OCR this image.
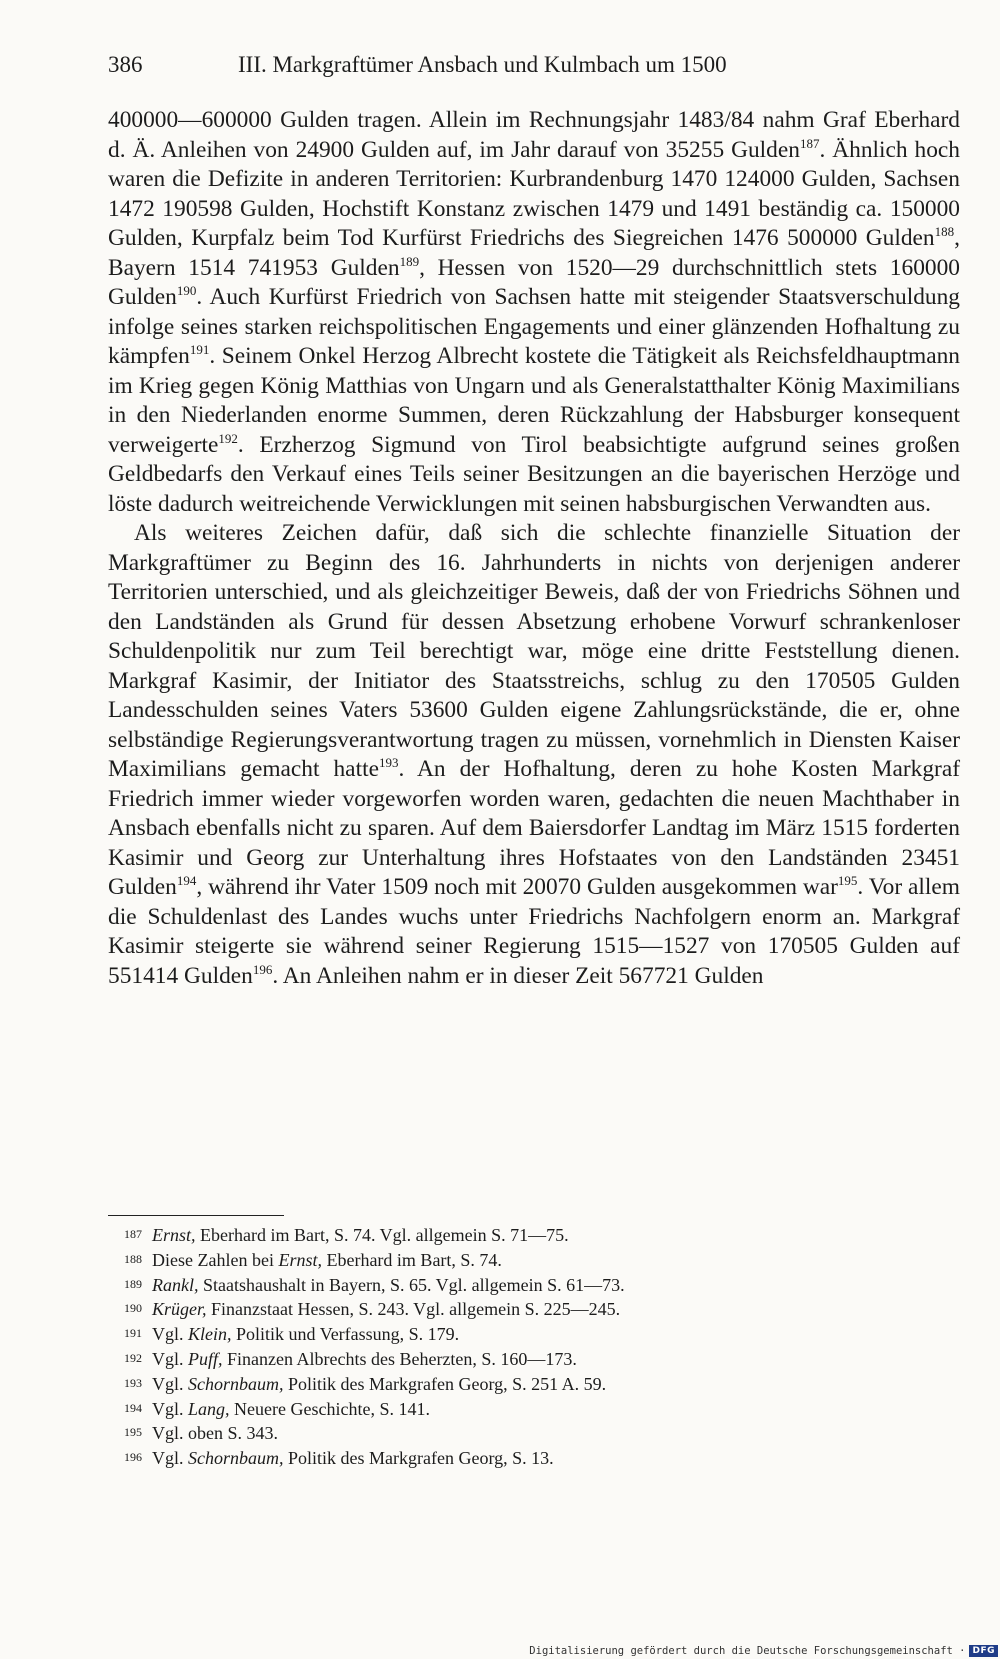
386	III. Markgraftümer Ansbach und Kulmbach um 1500

400000—600000 Gulden tragen. Allein im Rechnungsjahr 1483/84 nahm Graf Eberhard d. Ä. Anleihen von 24900 Gulden auf, im Jahr darauf von 35255 Gulden$^{187}$. Ähnlich hoch waren die Defizite in anderen Territorien: Kurbrandenburg 1470 124000 Gulden, Sachsen 1472 190598 Gulden, Hochstift Konstanz zwischen 1479 und 1491 beständig ca. 150000 Gulden, Kurpfalz beim Tod Kurfürst Friedrichs des Siegreichen 1476 500000 Gulden$^{188}$, Bayern 1514 741953 Gulden$^{189}$, Hessen von 1520—29 durchschnittlich stets 160000 Gulden$^{190}$. Auch Kurfürst Friedrich von Sachsen hatte mit steigender Staatsverschuldung infolge seines starken reichspolitischen Engagements und einer glänzenden Hofhaltung zu kämpfen$^{191}$. Seinem Onkel Herzog Albrecht kostete die Tätigkeit als Reichsfeldhauptmann im Krieg gegen König Matthias von Ungarn und als Generalstatthalter König Maximilians in den Niederlanden enorme Summen, deren Rückzahlung der Habsburger konsequent verweigerte$^{192}$. Erzherzog Sigmund von Tirol beabsichtigte aufgrund seines großen Geldbedarfs den Verkauf eines Teils seiner Besitzungen an die bayerischen Herzöge und löste dadurch weitreichende Verwicklungen mit seinen habsburgischen Verwandten aus.

Als weiteres Zeichen dafür, daß sich die schlechte finanzielle Situation der Markgraftümer zu Beginn des 16. Jahrhunderts in nichts von derjenigen anderer Territorien unterschied, und als gleichzeitiger Beweis, daß der von Friedrichs Söhnen und den Landständen als Grund für dessen Absetzung erhobene Vorwurf schrankenloser Schuldenpolitik nur zum Teil berechtigt war, möge eine dritte Feststellung dienen. Markgraf Kasimir, der Initiator des Staatsstreichs, schlug zu den 170505 Gulden Landesschulden seines Vaters 53600 Gulden eigene Zahlungsrückstände, die er, ohne selbständige Regierungsverantwortung tragen zu müssen, vornehmlich in Diensten Kaiser Maximilians gemacht hatte$^{193}$. An der Hofhaltung, deren zu hohe Kosten Markgraf Friedrich immer wieder vorgeworfen worden waren, gedachten die neuen Machthaber in Ansbach ebenfalls nicht zu sparen. Auf dem Baiersdorfer Landtag im März 1515 forderten Kasimir und Georg zur Unterhaltung ihres Hofstaates von den Landständen 23451 Gulden$^{194}$, während ihr Vater 1509 noch mit 20070 Gulden ausgekommen war$^{195}$. Vor allem die Schuldenlast des Landes wuchs unter Friedrichs Nachfolgern enorm an. Markgraf Kasimir steigerte sie während seiner Regierung 1515—1527 von 170505 Gulden auf 551414 Gulden$^{196}$. An Anleihen nahm er in dieser Zeit 567721 Gulden

187 Ernst, Eberhard im Bart, S. 74. Vgl. allgemein S. 71—75.
188 Diese Zahlen bei Ernst, Eberhard im Bart, S. 74.
189 Rankl, Staatshaushalt in Bayern, S. 65. Vgl. allgemein S. 61—73.
190 Krüger, Finanzstaat Hessen, S. 243. Vgl. allgemein S. 225—245.
191 Vgl. Klein, Politik und Verfassung, S. 179.
192 Vgl. Puff, Finanzen Albrechts des Beherzten, S. 160—173.
193 Vgl. Schornbaum, Politik des Markgrafen Georg, S. 251 A. 59.
194 Vgl. Lang, Neuere Geschichte, S. 141.
195 Vgl. oben S. 343.
196 Vgl. Schornbaum, Politik des Markgrafen Georg, S. 13.
Digitalisierung gefördert durch die Deutsche Forschungsgemeinschaft · DFG
